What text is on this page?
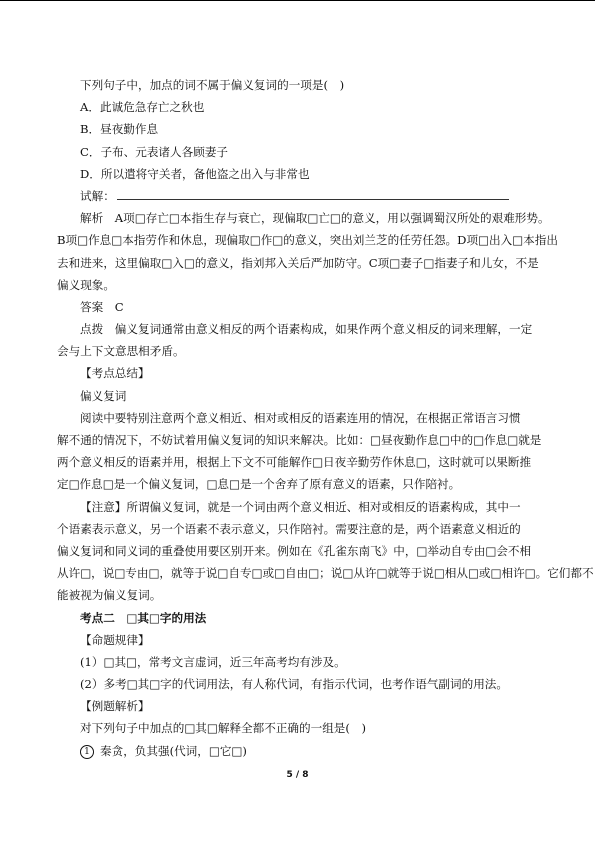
下列句子中，加点的词不属于偏义复词的一项是(　)
A．此诚危急存亡之秋也
B．昼夜勤作息
C．子布、元表诸人各顾妻子
D．所以遣将守关者，备他盗之出入与非常也
试解：
解析　A项□存亡□本指生存与衰亡，现偏取□亡□的意义，用以强调蜀汉所处的艰难形势。
B项□作息□本指劳作和休息，现偏取□作□的意义，突出刘兰芝的任劳任怨。D项□出入□本指出
去和进来，这里偏取□入□的意义，指刘邦入关后严加防守。C项□妻子□指妻子和儿女，不是
偏义现象。
答案　C
点拨　偏义复词通常由意义相反的两个语素构成，如果作两个意义相反的词来理解，一定
会与上下文意思相矛盾。
【考点总结】
偏义复词
阅读中要特别注意两个意义相近、相对或相反的语素连用的情况，在根据正常语言习惯
解不通的情况下，不妨试着用偏义复词的知识来解决。比如：□昼夜勤作息□中的□作息□就是
两个意义相反的语素并用，根据上下文不可能解作□日夜辛勤劳作休息□，这时就可以果断推
定□作息□是一个偏义复词，□息□是一个舍弃了原有意义的语素，只作陪衬。
【注意】所谓偏义复词，就是一个词由两个意义相近、相对或相反的语素构成，其中一
个语素表示意义，另一个语素不表示意义，只作陪衬。需要注意的是，两个语素意义相近的
偏义复词和同义词的重叠使用要区别开来。例如在《孔雀东南飞》中，□举动自专由□会不相
从许□，说□专由□，就等于说□自专□或□自由□；说□从许□就等于说□相从□或□相许□。它们都不
能被视为偏义复词。
考点二　□其□字的用法
【命题规律】
(1）□其□，常考文言虚词，近三年高考均有涉及。
(2）多考□其□字的代词用法，有人称代词，有指示代词，也考作语气副词的用法。
【例题解析】
对下列句子中加点的□其□解释全都不正确的一组是(　)
1 秦贪，负其强(代词，□它□)
5 / 8
